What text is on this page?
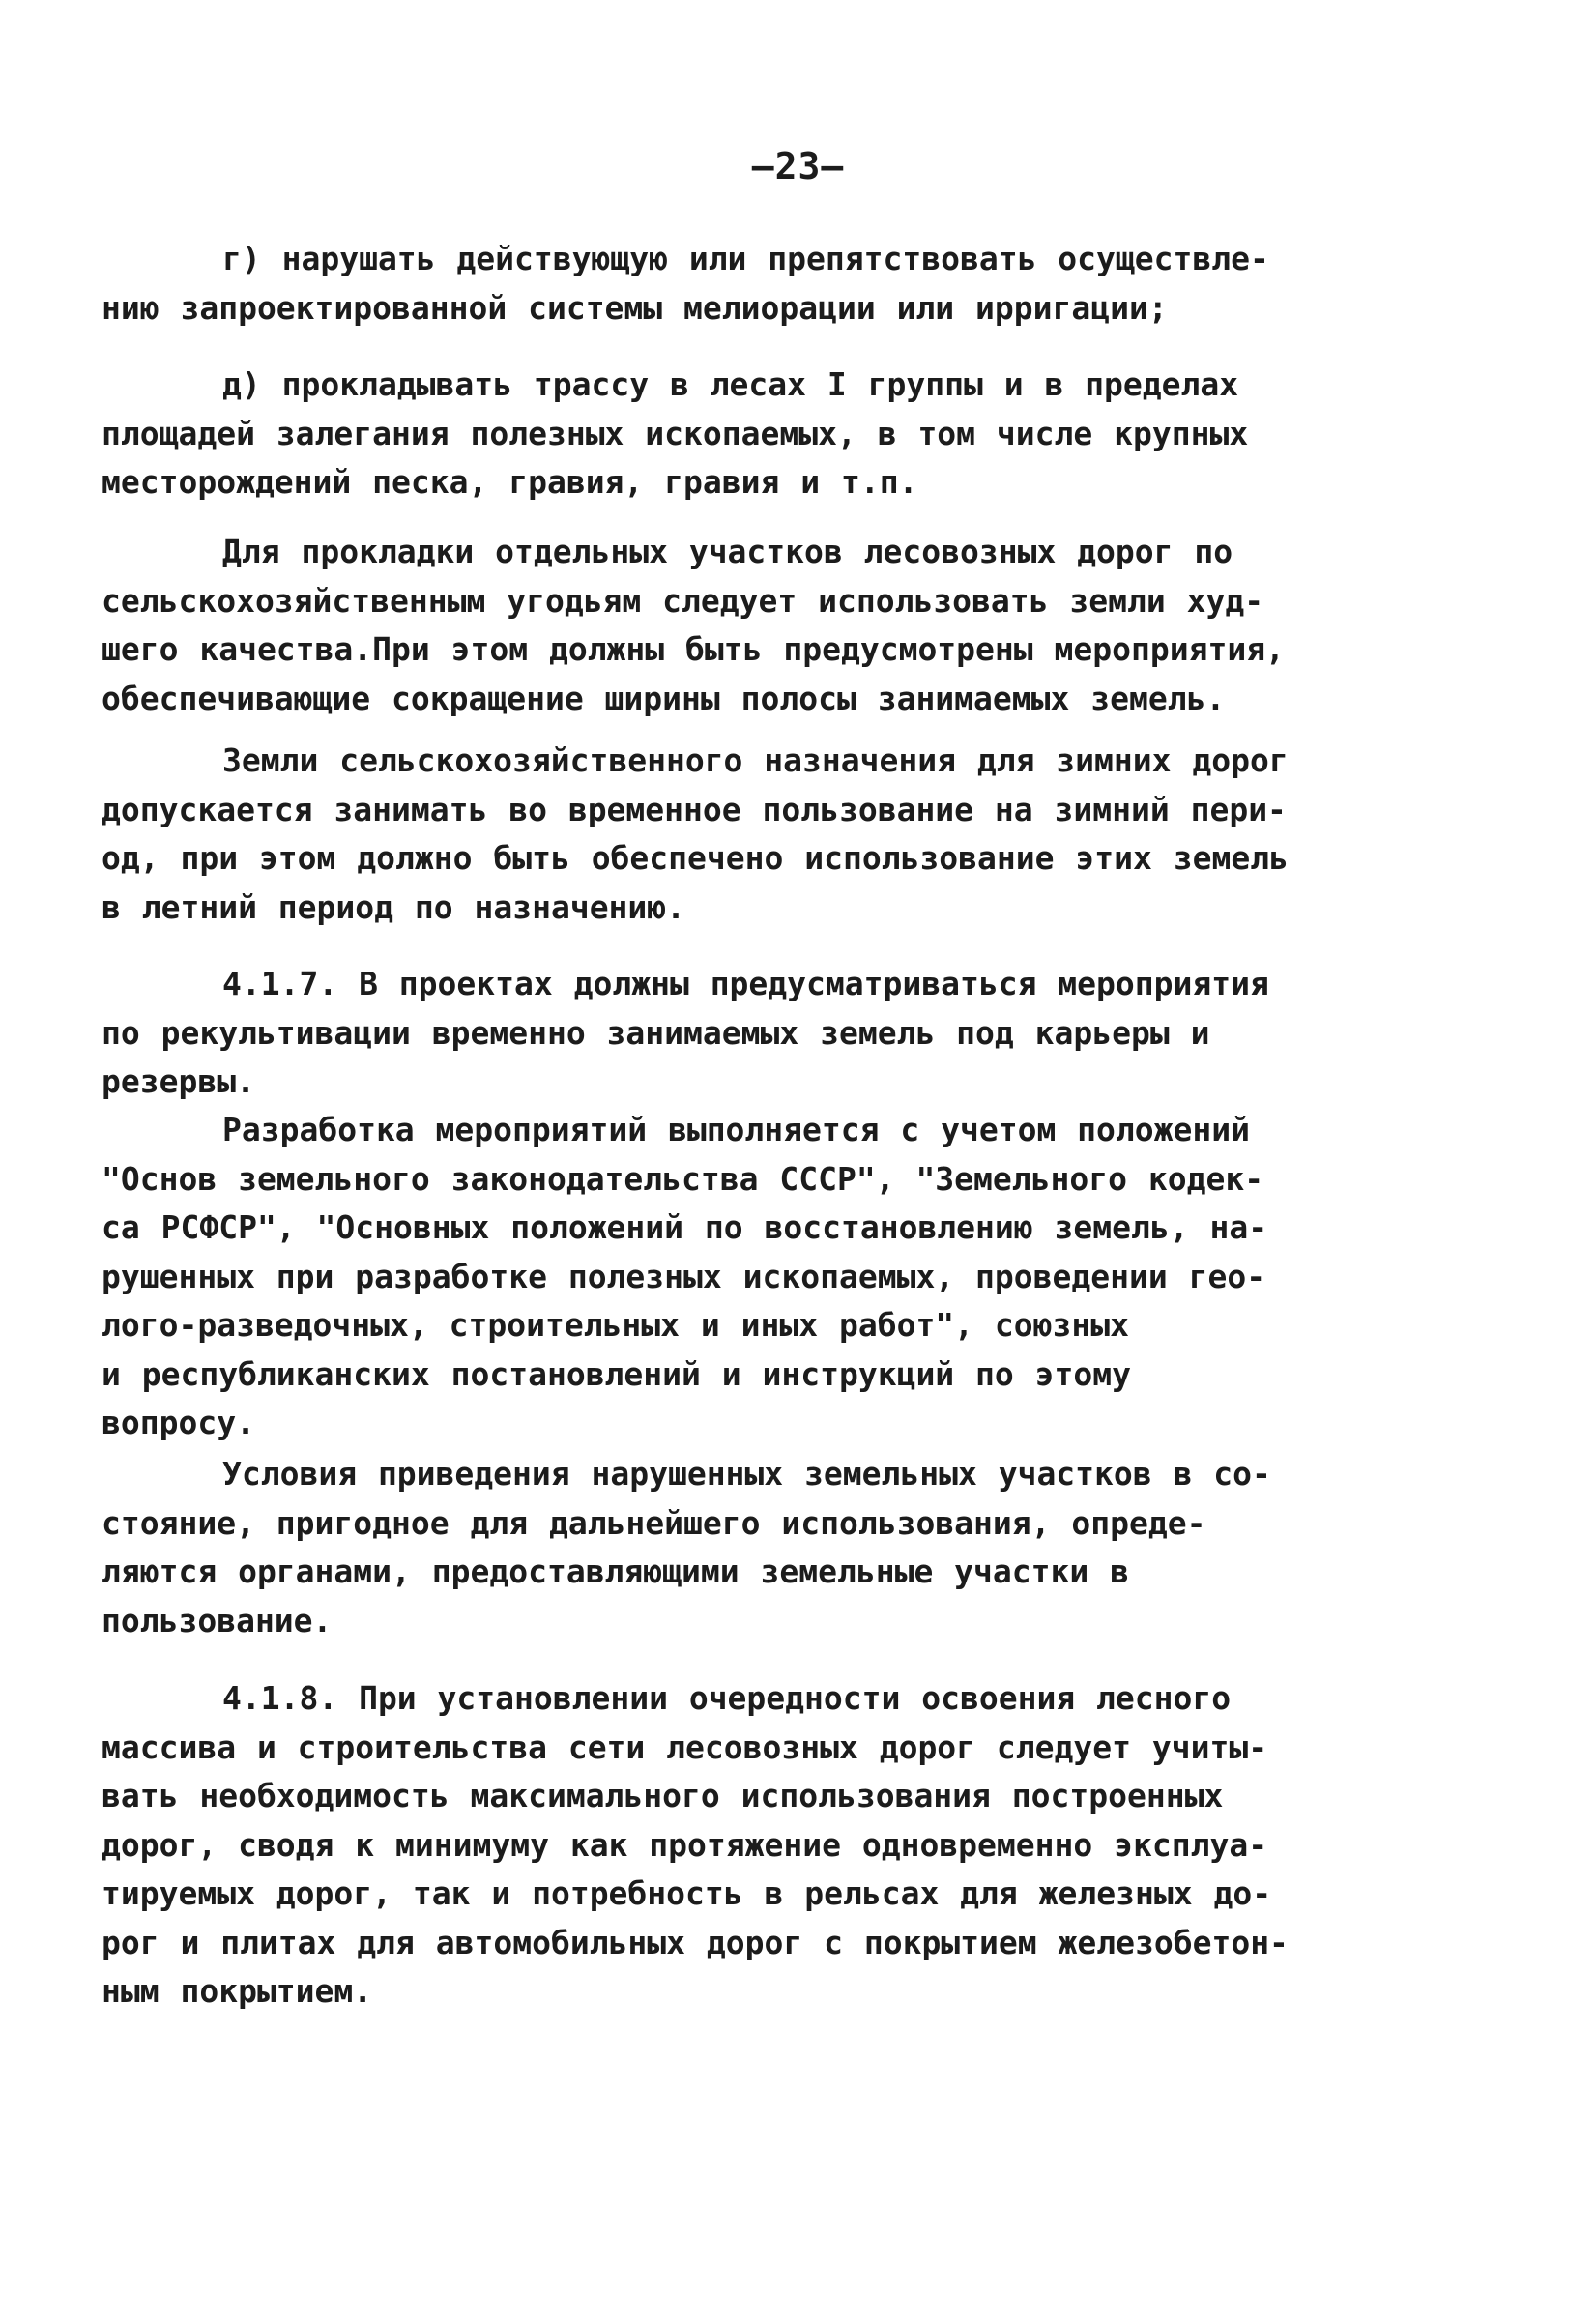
—23—
г) нарушать действующую или препятствовать осуществле-
нию запроектированной системы мелиорации или ирригации;
д) прокладывать трассу в лесах I группы и в пределах
площадей залегания полезных ископаемых, в том числе крупных
месторождений песка, гравия, гравия и т.п.
Для прокладки отдельных участков лесовозных дорог по
сельскохозяйственным угодьям следует использовать земли худ-
шего качества.При этом должны быть предусмотрены мероприятия,
обеспечивающие сокращение ширины полосы занимаемых земель.
Земли сельскохозяйственного назначения для зимних дорог
допускается занимать во временное пользование на зимний пери-
од, при этом должно быть обеспечено использование этих земель
в летний период по назначению.
4.1.7. В проектах должны предусматриваться мероприятия
по рекультивации временно занимаемых земель под карьеры и
резервы.
Разработка мероприятий выполняется с учетом положений
"Основ земельного законодательства СССР", "Земельного кодек-
са РСФСР", "Основных положений по восстановлению земель, на-
рушенных при разработке полезных ископаемых, проведении гео-
лого-разведочных, строительных и иных работ", союзных
и республиканских постановлений и инструкций по этому
вопросу.
Условия приведения нарушенных земельных участков в со-
стояние, пригодное для дальнейшего использования, опреде-
ляются органами, предоставляющими земельные участки в
пользование.
4.1.8. При установлении очередности освоения лесного
массива и строительства сети лесовозных дорог следует учиты-
вать необходимость максимального использования построенных
дорог, сводя к минимуму как протяжение одновременно эксплуа-
тируемых дорог, так и потребность в рельсах для железных до-
рог и плитах для автомобильных дорог с покрытием железобетон-
ным покрытием.
